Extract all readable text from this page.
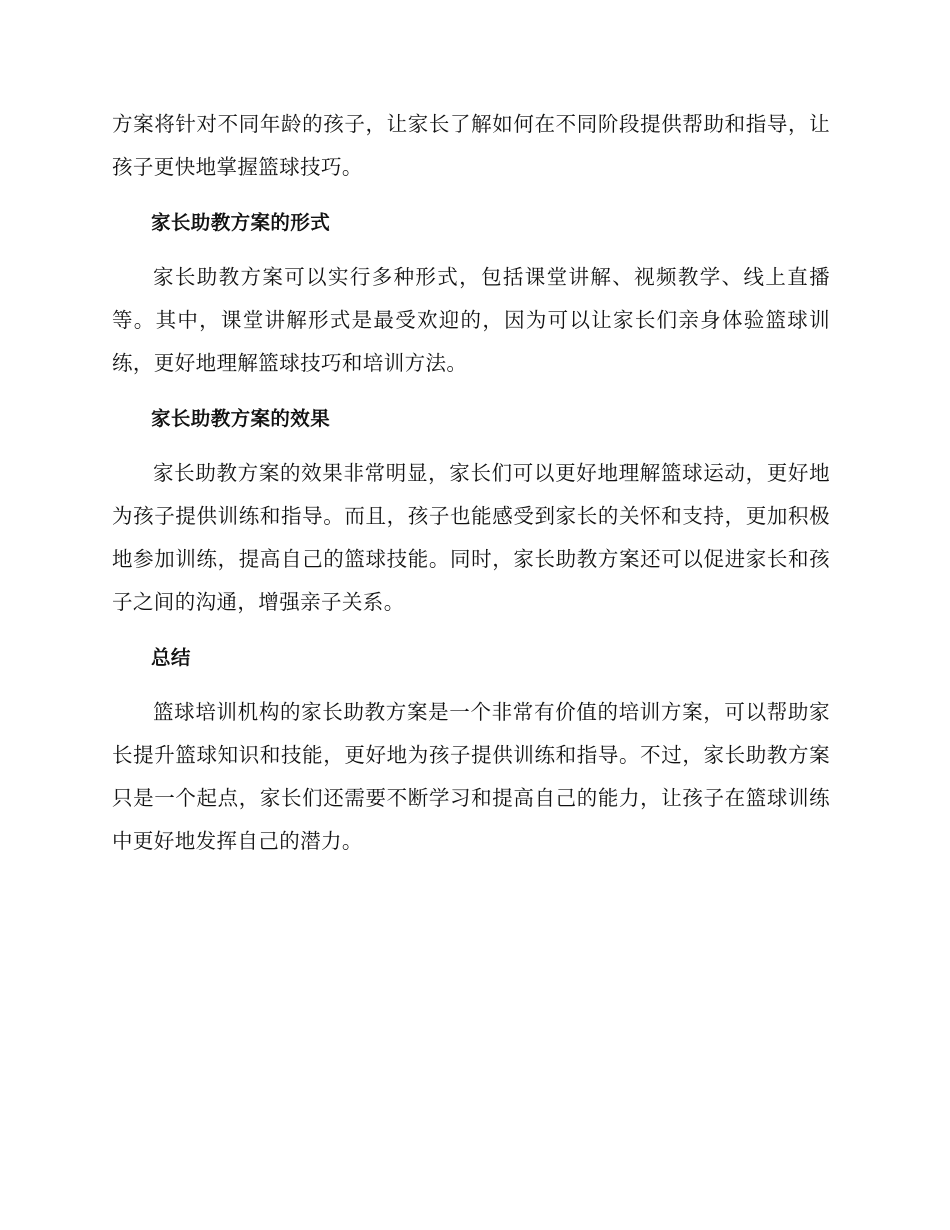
方案将针对不同年龄的孩子，让家长了解如何在不同阶段提供帮助和指导，让孩子更快地掌握篮球技巧。

家长助教方案的形式

家长助教方案可以实行多种形式，包括课堂讲解、视频教学、线上直播等。其中，课堂讲解形式是最受欢迎的，因为可以让家长们亲身体验篮球训练，更好地理解篮球技巧和培训方法。

家长助教方案的效果

家长助教方案的效果非常明显，家长们可以更好地理解篮球运动，更好地为孩子提供训练和指导。而且，孩子也能感受到家长的关怀和支持，更加积极地参加训练，提高自己的篮球技能。同时，家长助教方案还可以促进家长和孩子之间的沟通，增强亲子关系。

总结

篮球培训机构的家长助教方案是一个非常有价值的培训方案，可以帮助家长提升篮球知识和技能，更好地为孩子提供训练和指导。不过，家长助教方案只是一个起点，家长们还需要不断学习和提高自己的能力，让孩子在篮球训练中更好地发挥自己的潜力。
